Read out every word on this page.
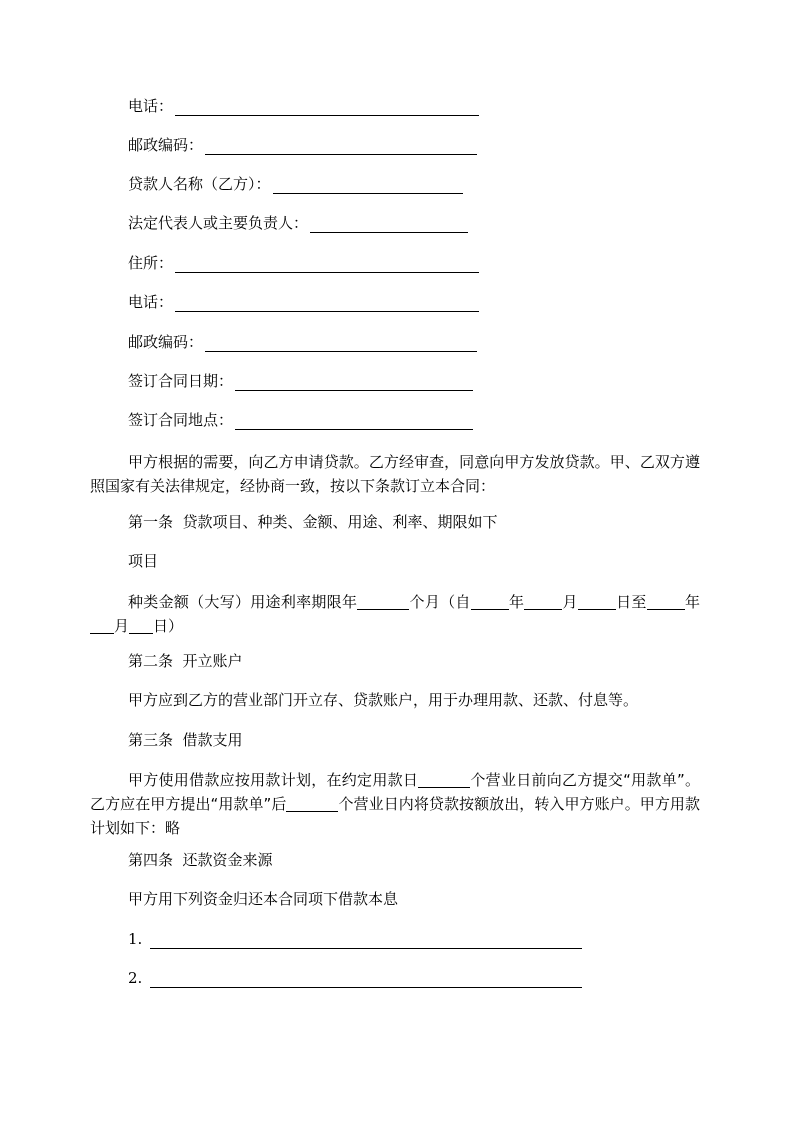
电话：
邮政编码：
贷款人名称（乙方）：
法定代表人或主要负责人：
住所：
电话：
邮政编码：
签订合同日期：
签订合同地点：
甲方根据的需要，向乙方申请贷款。乙方经审查，同意向甲方发放贷款。甲、乙双方遵照国家有关法律规定，经协商一致，按以下条款订立本合同：
第一条  贷款项目、种类、金额、用途、利率、期限如下
项目
种类金额（大写）用途利率期限年	个月（自	年	月	日至	年月 日）
第二条  开立账户
甲方应到乙方的营业部门开立存、贷款账户，用于办理用款、还款、付息等。
第三条  借款支用
甲方使用借款应按用款计划，在约定用款日	个营业日前向乙方提交“用款单”。乙方应在甲方提出“用款单”后	个营业日内将贷款按额放出，转入甲方账户。甲方用款计划如下：略
第四条  还款资金来源
甲方用下列资金归还本合同项下借款本息
1.
2.
